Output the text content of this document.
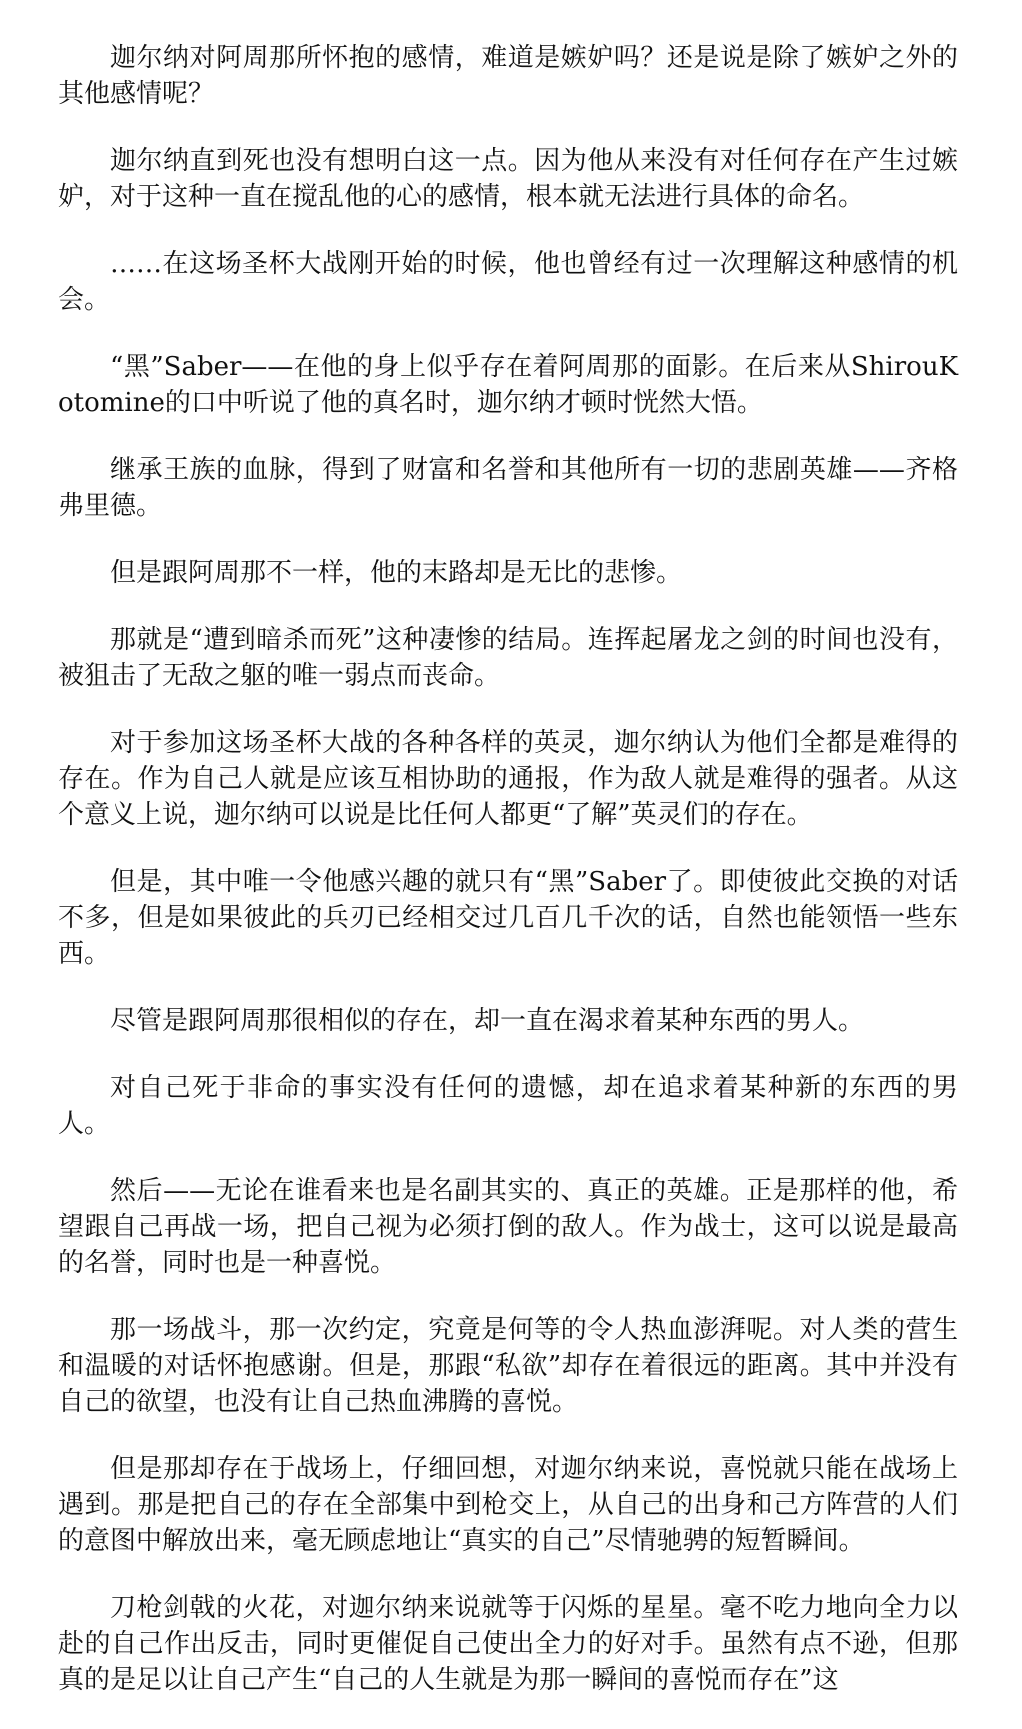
迦尔纳对阿周那所怀抱的感情，难道是嫉妒吗？还是说是除了嫉妒之外的其他感情呢？

迦尔纳直到死也没有想明白这一点。因为他从来没有对任何存在产生过嫉妒，对于这种一直在搅乱他的心的感情，根本就无法进行具体的命名。

……在这场圣杯大战刚开始的时候，他也曾经有过一次理解这种感情的机会。

“黑”Saber——在他的身上似乎存在着阿周那的面影。在后来从ShirouKotomine的口中听说了他的真名时，迦尔纳才顿时恍然大悟。

继承王族的血脉，得到了财富和名誉和其他所有一切的悲剧英雄——齐格弗里德。

但是跟阿周那不一样，他的末路却是无比的悲惨。

那就是“遭到暗杀而死”这种凄惨的结局。连挥起屠龙之剑的时间也没有，被狙击了无敌之躯的唯一弱点而丧命。

对于参加这场圣杯大战的各种各样的英灵，迦尔纳认为他们全都是难得的存在。作为自己人就是应该互相协助的通报，作为敌人就是难得的强者。从这个意义上说，迦尔纳可以说是比任何人都更“了解”英灵们的存在。

但是，其中唯一令他感兴趣的就只有“黑”Saber了。即使彼此交换的对话不多，但是如果彼此的兵刃已经相交过几百几千次的话，自然也能领悟一些东西。

尽管是跟阿周那很相似的存在，却一直在渴求着某种东西的男人。

对自己死于非命的事实没有任何的遗憾，却在追求着某种新的东西的男人。

然后——无论在谁看来也是名副其实的、真正的英雄。正是那样的他，希望跟自己再战一场，把自己视为必须打倒的敌人。作为战士，这可以说是最高的名誉，同时也是一种喜悦。

那一场战斗，那一次约定，究竟是何等的令人热血澎湃呢。对人类的营生和温暖的对话怀抱感谢。但是，那跟“私欲”却存在着很远的距离。其中并没有自己的欲望，也没有让自己热血沸腾的喜悦。

但是那却存在于战场上，仔细回想，对迦尔纳来说，喜悦就只能在战场上遇到。那是把自己的存在全部集中到枪交上，从自己的出身和己方阵营的人们的意图中解放出来，毫无顾虑地让“真实的自己”尽情驰骋的短暂瞬间。

刀枪剑戟的火花，对迦尔纳来说就等于闪烁的星星。毫不吃力地向全力以赴的自己作出反击，同时更催促自己使出全力的好对手。虽然有点不逊，但那真的是足以让自己产生“自己的人生就是为那一瞬间的喜悦而存在”这
